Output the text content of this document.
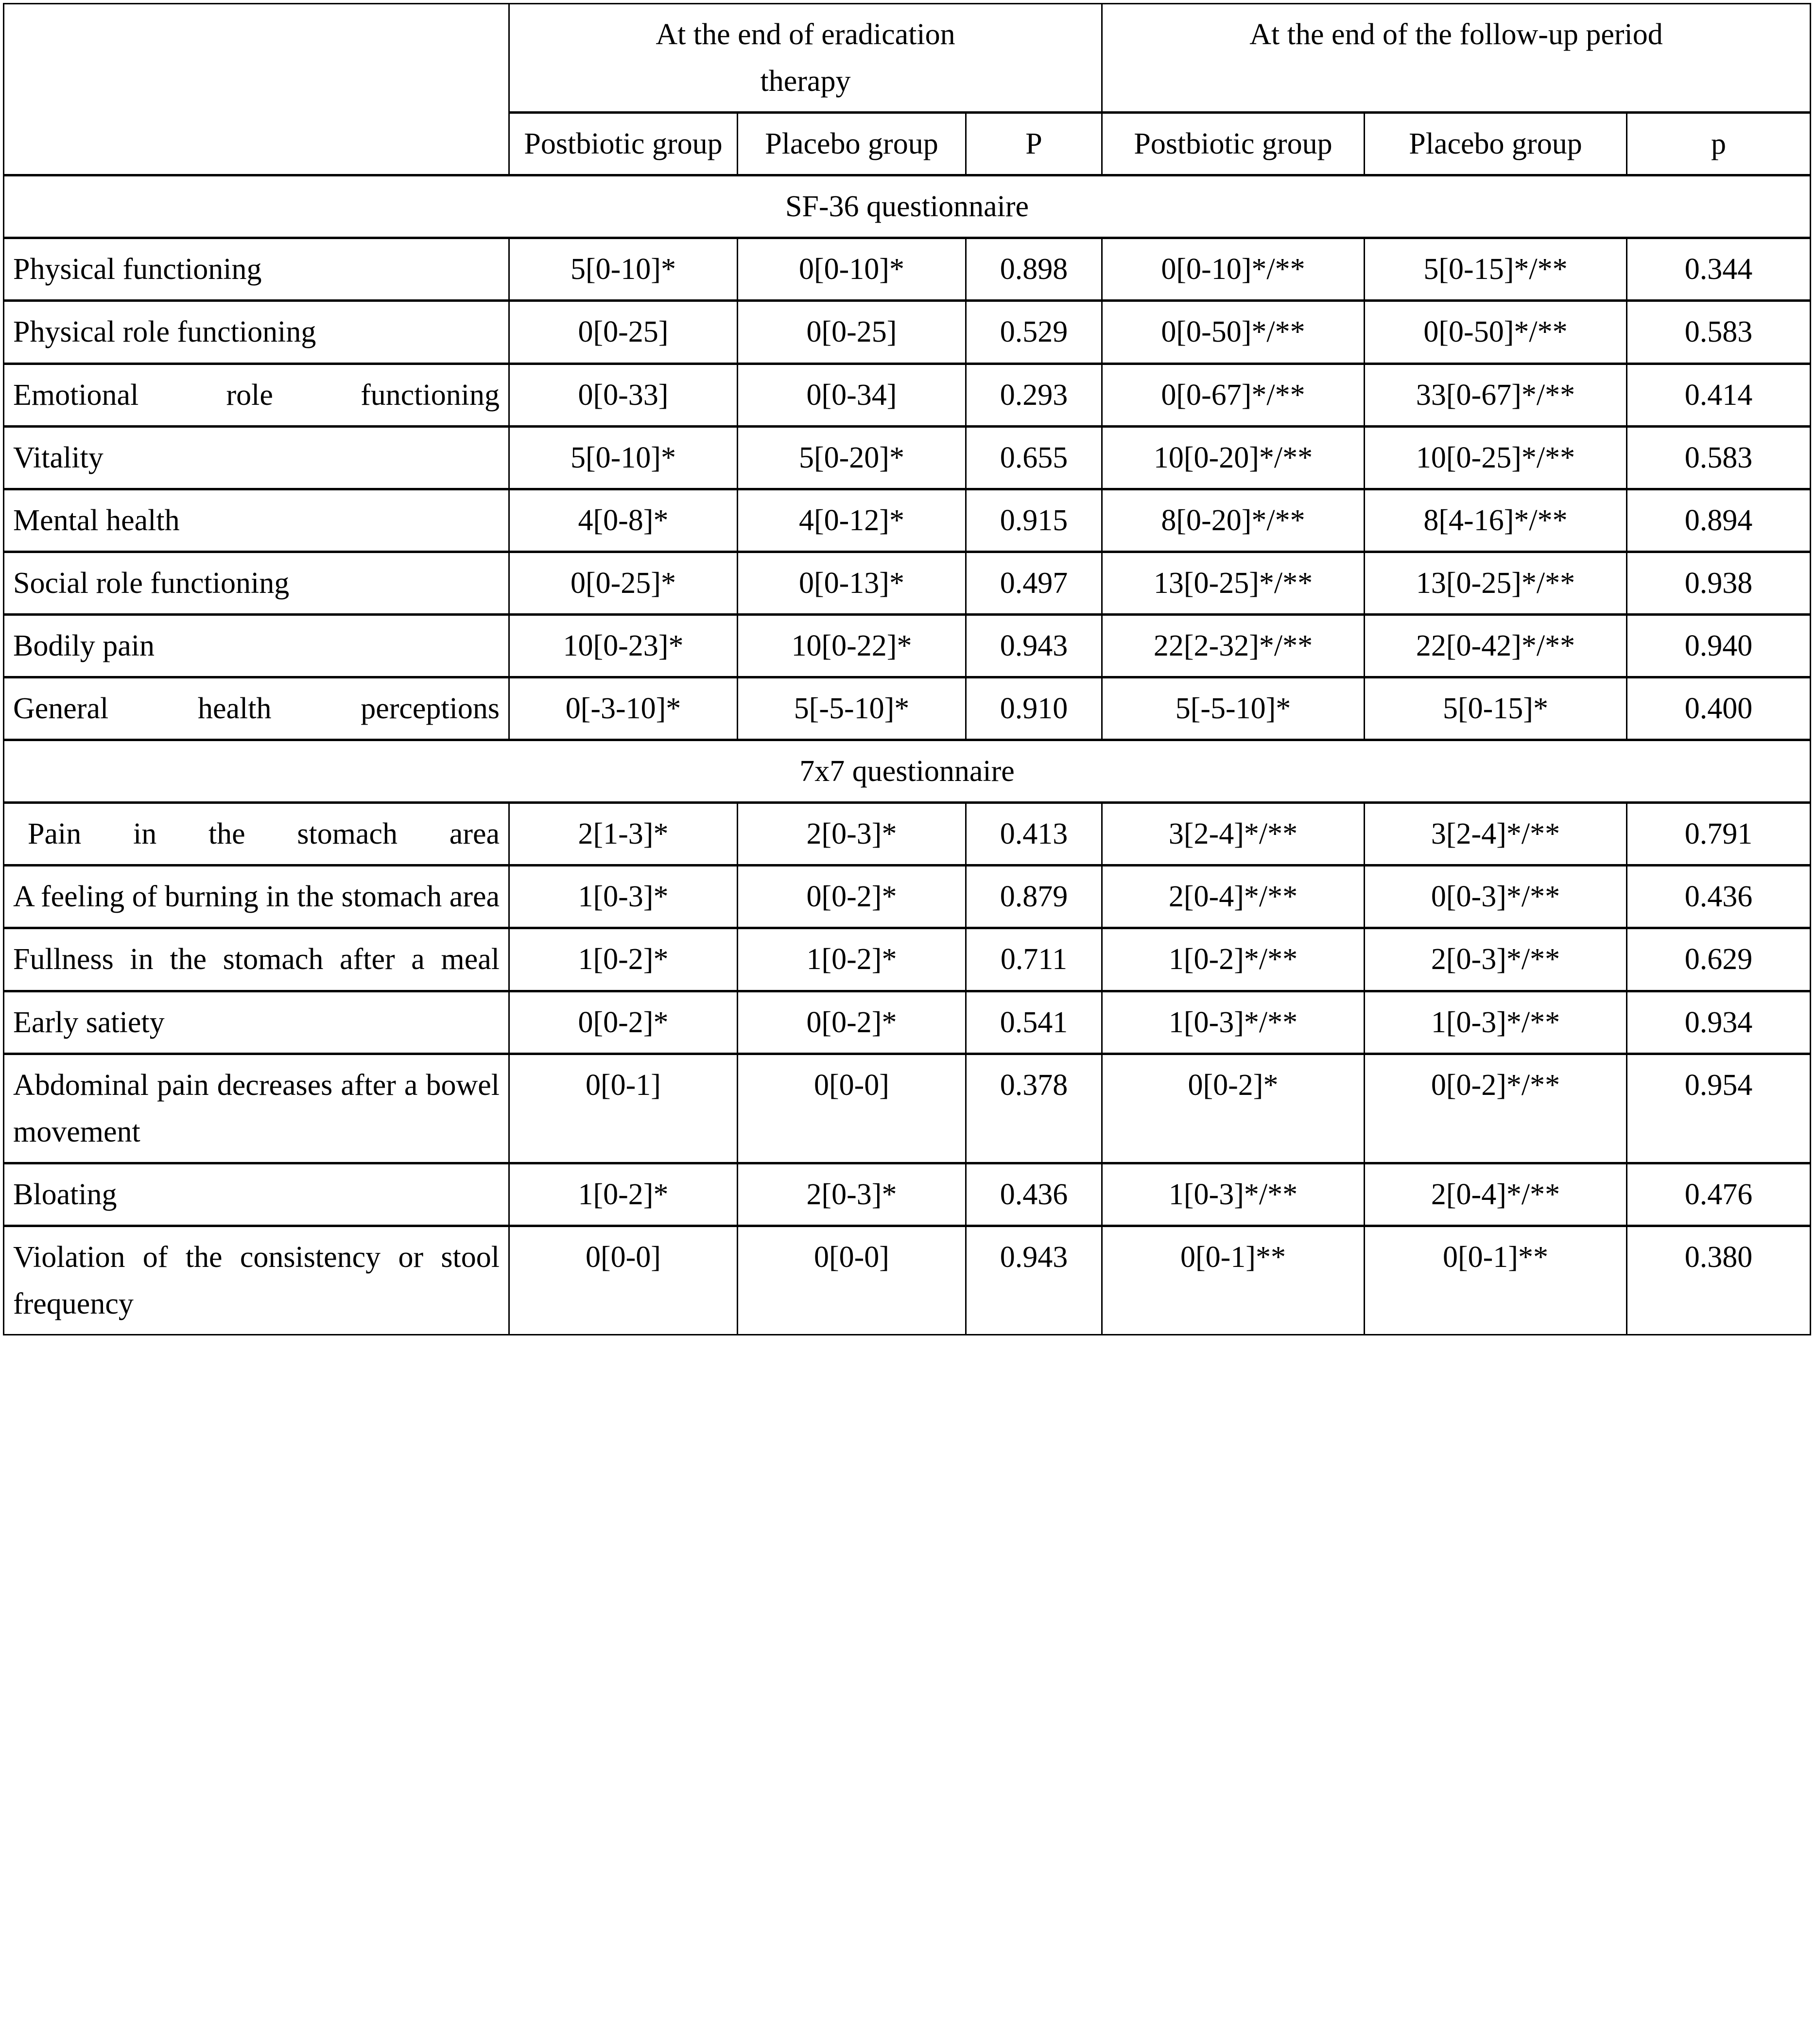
	At the end of eradication
therapy			At the end of the follow-up period		

	Postbiotic group	Placebo group	P	Postbiotic group	Placebo group	p
SF-36 questionnaire						
Physical functioning	5[0-10]*	0[0-10]*	0.898	0[0-10]*/**	5[0-15]*/**	0.344
Physical role functioning	0[0-25]	0[0-25]	0.529	0[0-50]*/**	0[0-50]*/**	0.583
Emotional role functioning	0[0-33]	0[0-34]	0.293	0[0-67]*/**	33[0-67]*/**	0.414
Vitality	5[0-10]*	5[0-20]*	0.655	10[0-20]*/**	10[0-25]*/**	0.583
Mental health	4[0-8]*	4[0-12]*	0.915	8[0-20]*/**	8[4-16]*/**	0.894
Social role functioning	0[0-25]*	0[0-13]*	0.497	13[0-25]*/**	13[0-25]*/**	0.938
Bodily pain	10[0-23]*	10[0-22]*	0.943	22[2-32]*/**	22[0-42]*/**	0.940
General health perceptions	0[-3-10]*	5[-5-10]*	0.910	5[-5-10]*	5[0-15]*	0.400
7x7 questionnaire						
Pain in the stomach area	2[1-3]*	2[0-3]*	0.413	3[2-4]*/**	3[2-4]*/**	0.791
A feeling of burning in the stomach area	1[0-3]*	0[0-2]*	0.879	2[0-4]*/**	0[0-3]*/**	0.436
Fullness in the stomach after a meal	1[0-2]*	1[0-2]*	0.711	1[0-2]*/**	2[0-3]*/**	0.629
Early satiety	0[0-2]*	0[0-2]*	0.541	1[0-3]*/**	1[0-3]*/**	0.934
Abdominal pain decreases after a bowel movement	0[0-1]	0[0-0]	0.378	0[0-2]*	0[0-2]*/**	0.954
Bloating	1[0-2]*	2[0-3]*	0.436	1[0-3]*/**	2[0-4]*/**	0.476
Violation of the consistency or stool frequency	0[0-0]	0[0-0]	0.943	0[0-1]**	0[0-1]**	0.380
